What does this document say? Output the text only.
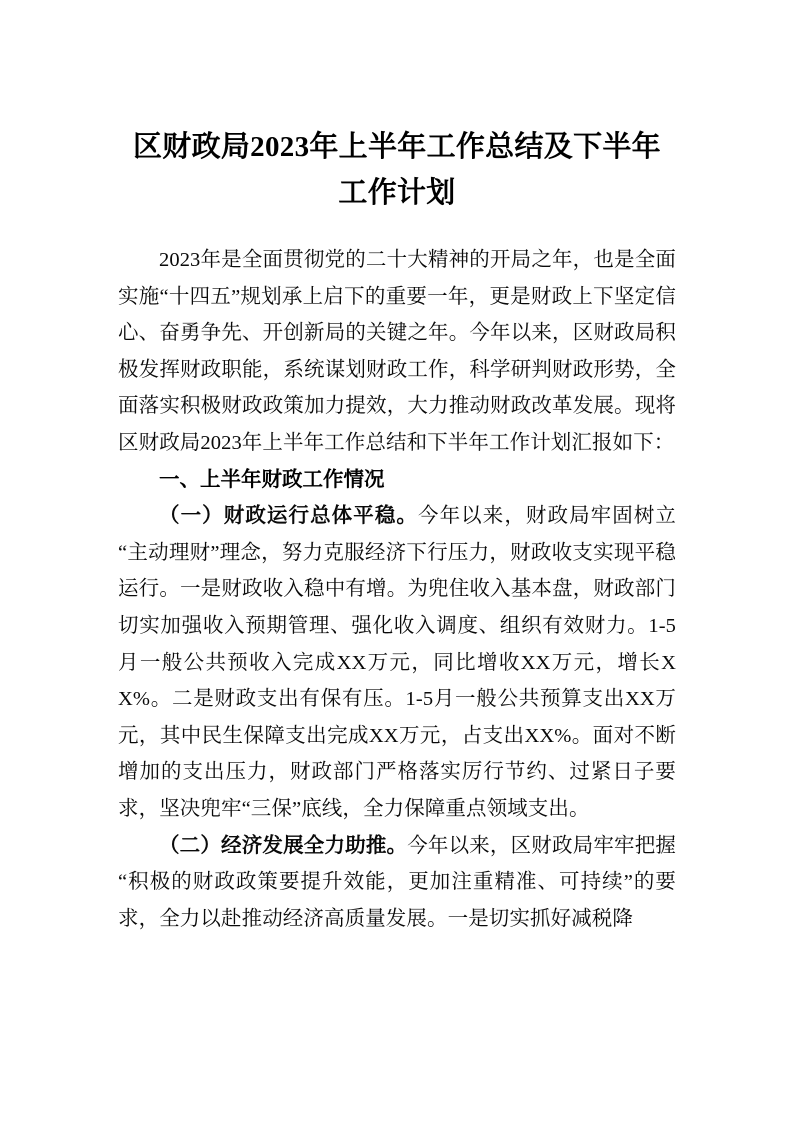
区财政局2023年上半年工作总结及下半年
工作计划

2023年是全面贯彻党的二十大精神的开局之年，也是全面实施“十四五”规划承上启下的重要一年，更是财政上下坚定信心、奋勇争先、开创新局的关键之年。今年以来，区财政局积极发挥财政职能，系统谋划财政工作，科学研判财政形势，全面落实积极财政政策加力提效，大力推动财政改革发展。现将区财政局2023年上半年工作总结和下半年工作计划汇报如下：

一、上半年财政工作情况

（一）财政运行总体平稳。今年以来，财政局牢固树立“主动理财”理念，努力克服经济下行压力，财政收支实现平稳运行。一是财政收入稳中有增。为兜住收入基本盘，财政部门切实加强收入预期管理、强化收入调度、组织有效财力。1-5月一般公共预收入完成XX万元，同比增收XX万元，增长XX%。二是财政支出有保有压。1-5月一般公共预算支出XX万元，其中民生保障支出完成XX万元，占支出XX%。面对不断增加的支出压力，财政部门严格落实厉行节约、过紧日子要求，坚决兜牢“三保”底线，全力保障重点领域支出。

（二）经济发展全力助推。今年以来，区财政局牢牢把握“积极的财政政策要提升效能，更加注重精准、可持续”的要求，全力以赴推动经济高质量发展。一是切实抓好减税降
